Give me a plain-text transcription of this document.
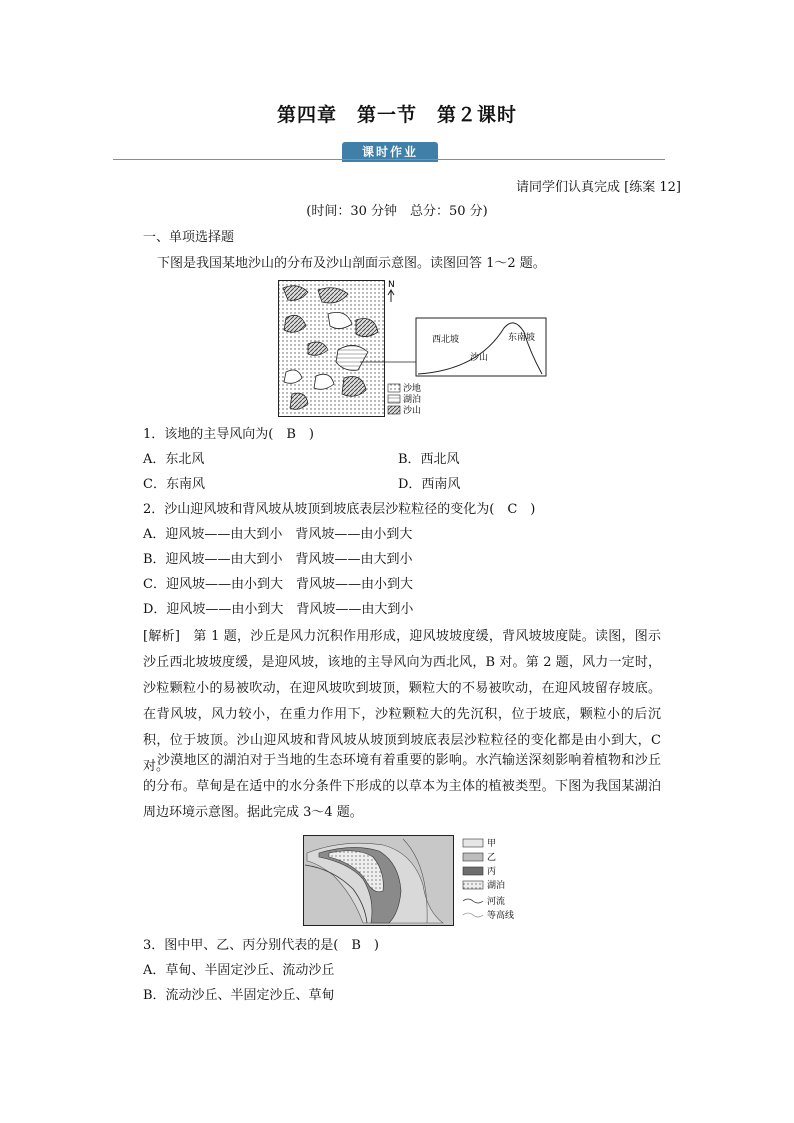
第四章　第一节　第２课时
课时作业
请同学们认真完成 [练案 12]
(时间：30 分钟　总分：50 分)
一、单项选择题
下图是我国某地沙山的分布及沙山剖面示意图。读图回答 1～2 题。
N
西北坡	东南坡
沙山
沙地
湖泊
沙山
1．该地的主导风向为(　B　)
A．东北风	B．西北风
C．东南风	D．西南风
2．沙山迎风坡和背风坡从坡顶到坡底表层沙粒粒径的变化为(　C　)
A．迎风坡——由大到小　背风坡——由小到大
B．迎风坡——由大到小　背风坡——由大到小
C．迎风坡——由小到大　背风坡——由小到大
D．迎风坡——由小到大　背风坡——由大到小
[解析]　第 1 题，沙丘是风力沉积作用形成，迎风坡坡度缓，背风坡坡度陡。读图，图示沙丘西北坡坡度缓，是迎风坡，该地的主导风向为西北风，B 对。第 2 题，风力一定时，沙粒颗粒小的易被吹动，在迎风坡吹到坡顶，颗粒大的不易被吹动，在迎风坡留存坡底。在背风坡，风力较小，在重力作用下，沙粒颗粒大的先沉积，位于坡底，颗粒小的后沉积，位于坡顶。沙山迎风坡和背风坡从坡顶到坡底表层沙粒粒径的变化都是由小到大，C 对。
沙漠地区的湖泊对于当地的生态环境有着重要的影响。水汽输送深刻影响着植物和沙丘的分布。草甸是在适中的水分条件下形成的以草本为主体的植被类型。下图为我国某湖泊周边环境示意图。据此完成 3～4 题。
甲
乙
丙
湖泊
河流
等高线
3．图中甲、乙、丙分别代表的是(　B　)
A．草甸、半固定沙丘、流动沙丘
B．流动沙丘、半固定沙丘、草甸
